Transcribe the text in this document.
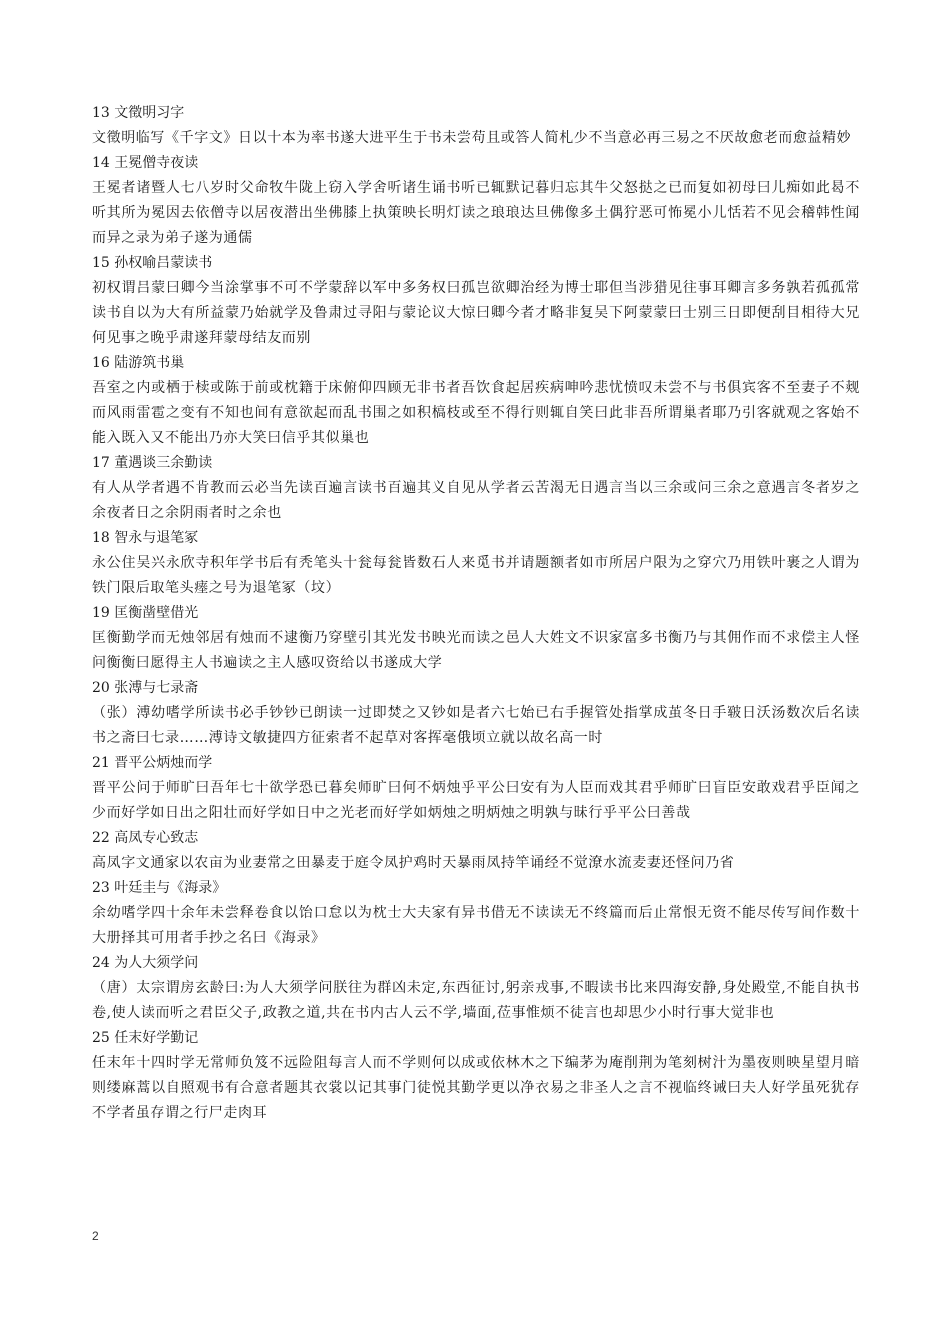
13 文徵明习字
文徵明临写《千字文》日以十本为率书遂大进平生于书未尝苟且或答人简札少不当意必再三易之不厌故愈老而愈益精妙
14 王冕僧寺夜读
王冕者诸暨人七八岁时父命牧牛陇上窃入学舍听诸生诵书听已辄默记暮归忘其牛父怒挞之已而复如初母曰儿痴如此曷不听其所为冕因去依僧寺以居夜潜出坐佛膝上执策映长明灯读之琅琅达旦佛像多土偶狞恶可怖冕小儿恬若不见会稽韩性闻而异之录为弟子遂为通儒
15 孙权喻吕蒙读书
初权谓吕蒙曰卿今当涂掌事不可不学蒙辞以军中多务权曰孤岂欲卿治经为博士耶但当涉猎见往事耳卿言多务孰若孤孤常读书自以为大有所益蒙乃始就学及鲁肃过寻阳与蒙论议大惊曰卿今者才略非复吴下阿蒙蒙曰士别三日即便刮目相待大兄何见事之晚乎肃遂拜蒙母结友而别
16 陆游筑书巢
吾室之内或栖于椟或陈于前或枕籍于床俯仰四顾无非书者吾饮食起居疾病呻吟悲忧愤叹未尝不与书俱宾客不至妻子不觌而风雨雷雹之变有不知也间有意欲起而乱书围之如积槁枝或至不得行则辄自笑曰此非吾所谓巢者耶乃引客就观之客始不能入既入又不能出乃亦大笑曰信乎其似巢也
17 董遇谈三余勤读
有人从学者遇不肯教而云必当先读百遍言读书百遍其义自见从学者云苦渴无日遇言当以三余或问三余之意遇言冬者岁之余夜者日之余阴雨者时之余也
18 智永与退笔冢
永公住吴兴永欣寺积年学书后有秃笔头十瓮每瓮皆数石人来觅书并请题额者如市所居户限为之穿穴乃用铁叶裹之人谓为铁门限后取笔头瘗之号为退笔冢（坟）
19 匡衡凿壁借光
匡衡勤学而无烛邻居有烛而不逮衡乃穿壁引其光发书映光而读之邑人大姓文不识家富多书衡乃与其佣作而不求偿主人怪问衡衡曰愿得主人书遍读之主人感叹资给以书遂成大学
20 张溥与七录斋
（张）溥幼嗜学所读书必手钞钞已朗读一过即焚之又钞如是者六七始已右手握管处指掌成茧冬日手皲日沃汤数次后名读书之斋曰七录……溥诗文敏捷四方征索者不起草对客挥毫俄顷立就以故名高一时
21 晋平公炳烛而学
晋平公问于师旷曰吾年七十欲学恐已暮矣师旷曰何不炳烛乎平公曰安有为人臣而戏其君乎师旷曰盲臣安敢戏君乎臣闻之少而好学如日出之阳壮而好学如日中之光老而好学如炳烛之明炳烛之明孰与昧行乎平公曰善哉
22 高凤专心致志
高凤字文通家以农亩为业妻常之田暴麦于庭令凤护鸡时天暴雨凤持竿诵经不觉潦水流麦妻还怪问乃省
23 叶廷圭与《海录》
余幼嗜学四十余年未尝释卷食以饴口怠以为枕士大夫家有异书借无不读读无不终篇而后止常恨无资不能尽传写间作数十大册择其可用者手抄之名曰《海录》
24 为人大须学问
（唐）太宗谓房玄龄曰:为人大须学问朕往为群凶未定,东西征讨,躬亲戎事,不暇读书比来四海安静,身处殿堂,不能自执书卷,使人读而听之君臣父子,政教之道,共在书内古人云不学,墙面,莅事惟烦不徒言也却思少小时行事大觉非也
25 任末好学勤记
任末年十四时学无常师负笈不远险阻每言人而不学则何以成或依林木之下编茅为庵削荆为笔刻树汁为墨夜则映星望月暗则缕麻蒿以自照观书有合意者题其衣裳以记其事门徒悦其勤学更以净衣易之非圣人之言不视临终诫曰夫人好学虽死犹存不学者虽存谓之行尸走肉耳
2
